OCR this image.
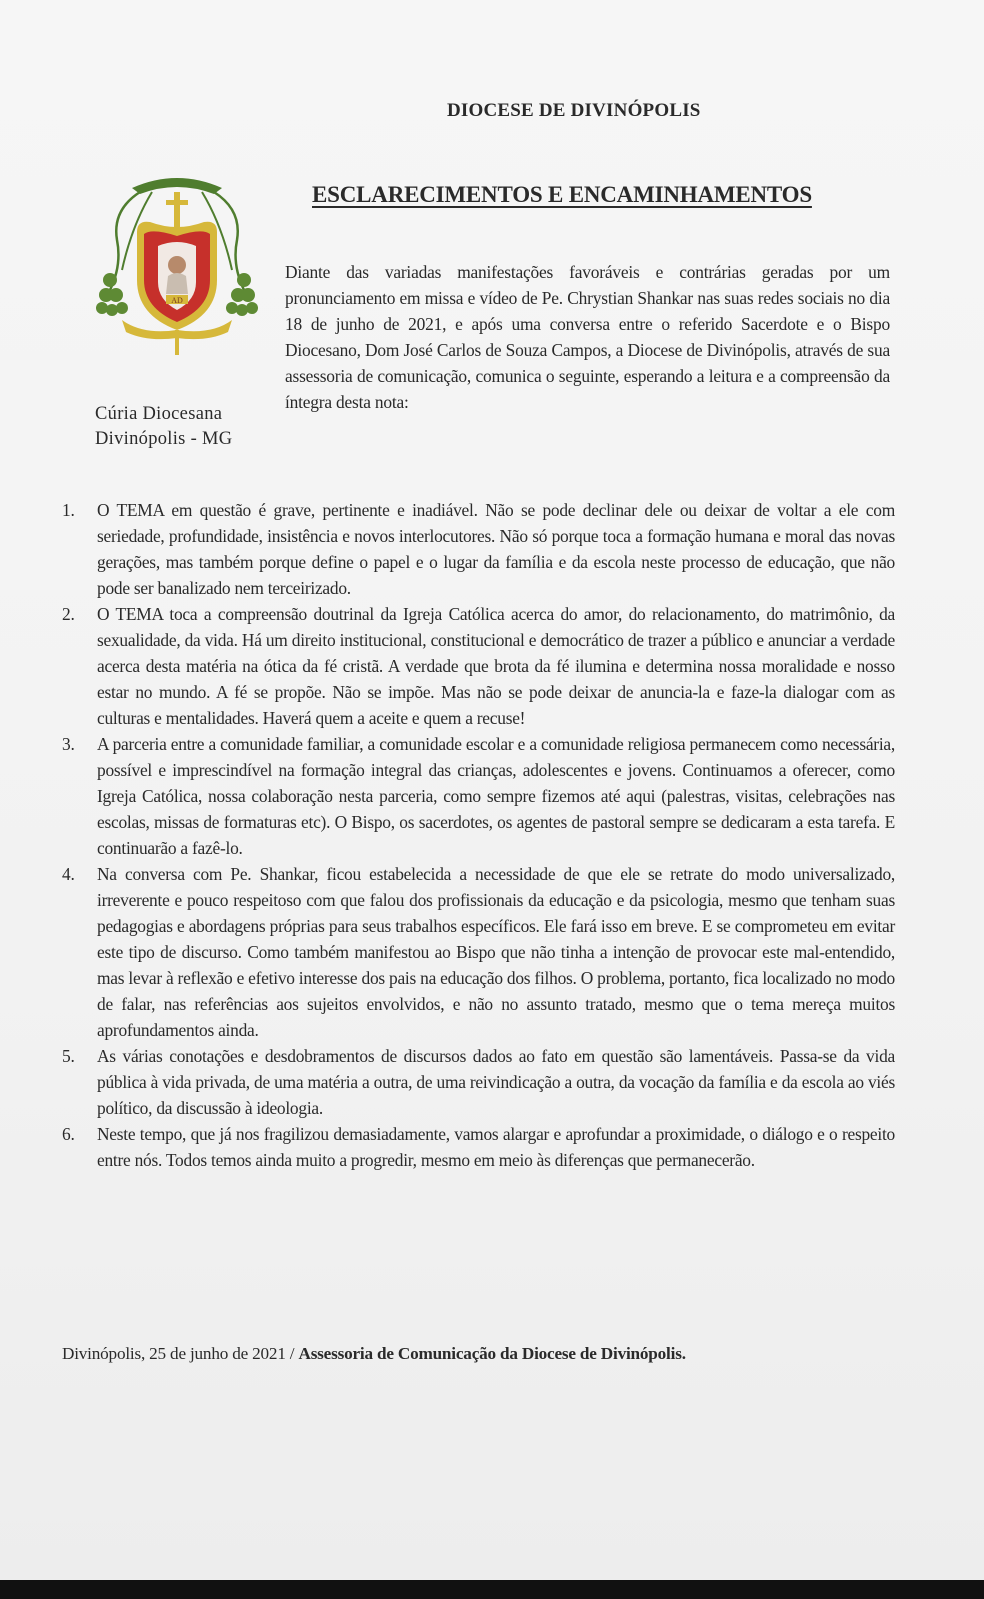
DIOCESE DE DIVINÓPOLIS
AD
Cúria Diocesana
Divinópolis - MG
ESCLARECIMENTOS E ENCAMINHAMENTOS
Diante das variadas manifestações favoráveis e contrárias geradas por um pronunciamento em missa e vídeo de Pe. Chrystian Shankar nas suas redes sociais no dia 18 de junho de 2021, e após uma conversa entre o referido Sacerdote e o Bispo Diocesano, Dom José Carlos de Souza Campos, a Diocese de Divinópolis, através de sua assessoria de comunicação, comunica o seguinte, esperando a leitura e a compreensão da íntegra desta nota:
1. O TEMA em questão é grave, pertinente e inadiável. Não se pode declinar dele ou deixar de voltar a ele com seriedade, profundidade, insistência e novos interlocutores. Não só porque toca a formação humana e moral das novas gerações, mas também porque define o papel e o lugar da família e da escola neste processo de educação, que não pode ser banalizado nem terceirizado.
2. O TEMA toca a compreensão doutrinal da Igreja Católica acerca do amor, do relacionamento, do matrimônio, da sexualidade, da vida. Há um direito institucional, constitucional e democrático de trazer a público e anunciar a verdade acerca desta matéria na ótica da fé cristã. A verdade que brota da fé ilumina e determina nossa moralidade e nosso estar no mundo. A fé se propõe. Não se impõe. Mas não se pode deixar de anuncia-la e faze-la dialogar com as culturas e mentalidades. Haverá quem a aceite e quem a recuse!
3. A parceria entre a comunidade familiar, a comunidade escolar e a comunidade religiosa permanecem como necessária, possível e imprescindível na formação integral das crianças, adolescentes e jovens. Continuamos a oferecer, como Igreja Católica, nossa colaboração nesta parceria, como sempre fizemos até aqui (palestras, visitas, celebrações nas escolas, missas de formaturas etc). O Bispo, os sacerdotes, os agentes de pastoral sempre se dedicaram a esta tarefa. E continuarão a fazê-lo.
4. Na conversa com Pe. Shankar, ficou estabelecida a necessidade de que ele se retrate do modo universalizado, irreverente e pouco respeitoso com que falou dos profissionais da educação e da psicologia, mesmo que tenham suas pedagogias e abordagens próprias para seus trabalhos específicos. Ele fará isso em breve. E se comprometeu em evitar este tipo de discurso. Como também manifestou ao Bispo que não tinha a intenção de provocar este mal-entendido, mas levar à reflexão e efetivo interesse dos pais na educação dos filhos. O problema, portanto, fica localizado no modo de falar, nas referências aos sujeitos envolvidos, e não no assunto tratado, mesmo que o tema mereça muitos aprofundamentos ainda.
5. As várias conotações e desdobramentos de discursos dados ao fato em questão são lamentáveis. Passa-se da vida pública à vida privada, de uma matéria a outra, de uma reivindicação a outra, da vocação da família e da escola ao viés político, da discussão à ideologia.
6. Neste tempo, que já nos fragilizou demasiadamente, vamos alargar e aprofundar a proximidade, o diálogo e o respeito entre nós. Todos temos ainda muito a progredir, mesmo em meio às diferenças que permanecerão.
Divinópolis, 25 de junho de 2021 / Assessoria de Comunicação da Diocese de Divinópolis.
